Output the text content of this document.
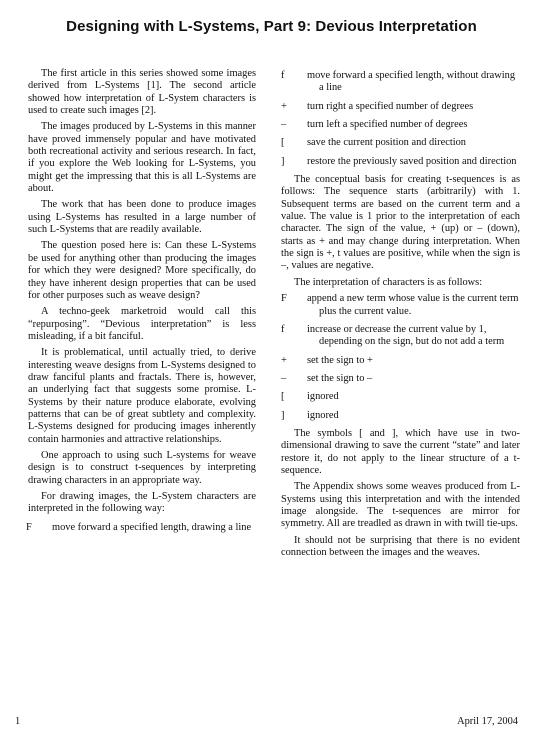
Designing with L-Systems, Part 9: Devious Interpretation

The first article in this series showed some images derived from L-Systems [1]. The second article showed how interpretation of L-System characters is used to create such images [2].

The images produced by L-Systems in this manner have proved immensely popular and have motivated both recreational activity and serious research. In fact, if you explore the Web looking for L-Systems, you might get the impressing that this is all L-Systems are about.

The work that has been done to produce images using L-Systems has resulted in a large number of such L-Systems that are readily available.

The question posed here is: Can these L-Systems be used for anything other than producing the images for which they were designed? More specifically, do they have inherent design properties that can be used for other purposes such as weave design?

A techno-geek marketroid would call this “repurposing”. “Devious interpretation” is less misleading, if a bit fanciful.

It is problematical, until actually tried, to derive interesting weave designs from L-Systems designed to draw fanciful plants and fractals. There is, however, an underlying fact that suggests some promise. L-Systems by their nature produce elaborate, evolving patterns that can be of great subtlety and complexity. L-Systems designed for producing images inherently contain harmonies and attractive relationships.

One approach to using such L-systems for weave design is to construct t-sequences by interpreting drawing characters in an appropriate way.

For drawing images, the L-System characters are interpreted in the following way:

F	move forward a specified length, drawing a line
f	move forward a specified length, without drawing a line
+	turn right a specified number of degrees
–	turn left a specified number of degrees
[	save the current position and direction
]	restore the previously saved position and direction

The conceptual basis for creating t-sequences is as follows: The sequence starts (arbitrarily) with 1. Subsequent terms are based on the current term and a value. The value is 1 prior to the interpretation of each character. The sign of the value, + (up) or – (down), starts as + and may change during interpretation. When the sign is +, t values are positive, while when the sign is –, values are negative.

The interpretation of characters is as follows:

F	append a new term whose value is the current term plus the current value.
f	increase or decrease the current value by 1, depending on the sign, but do not add a term
+	set the sign to +
–	set the sign to –
[	ignored
]	ignored

The symbols [ and ], which have use in two-dimensional drawing to save the current “state” and later restore it, do not apply to the linear structure of a t-sequence.

The Appendix shows some weaves produced from L-Systems using this interpretation and with the intended image alongside. The t-sequences are mirror for symmetry. All are treadled as drawn in with twill tie-ups.

It should not be surprising that there is no evident connection between the images and the weaves.

1	April 17, 2004
